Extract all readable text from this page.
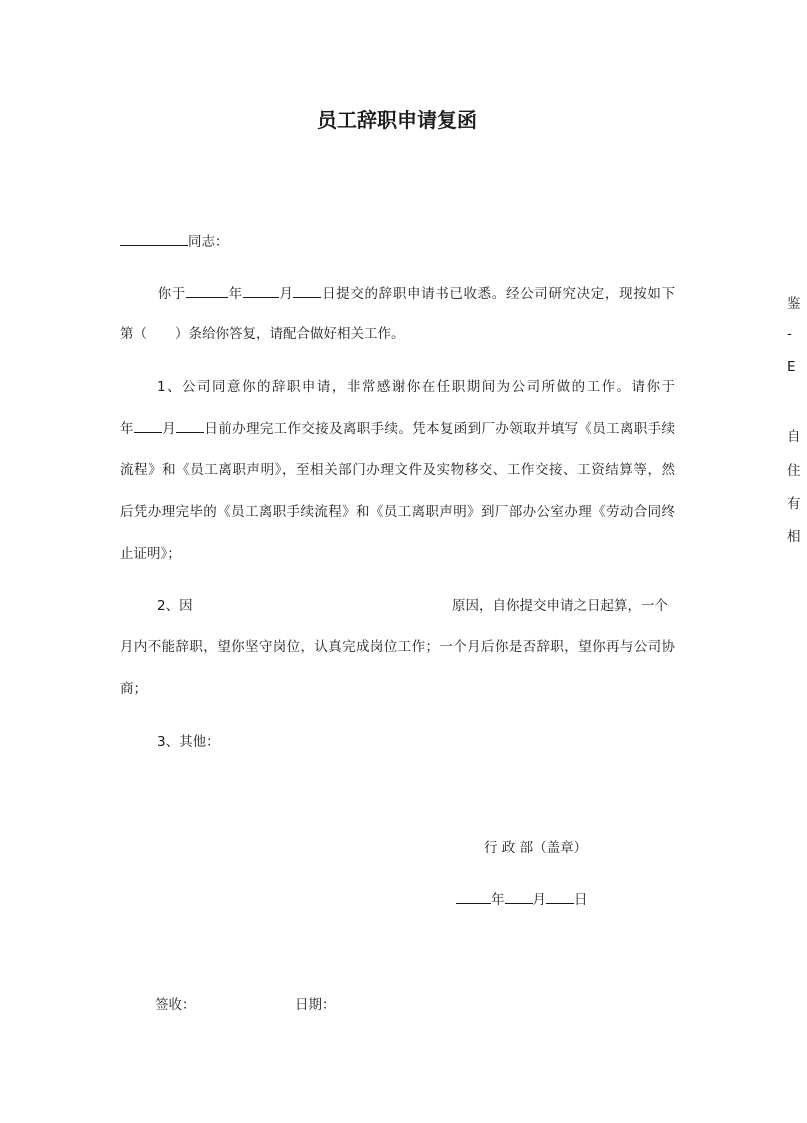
员工辞职申请复函
同志：
你于	年	月 日提交的辞职申请书已收悉。经公司研究决定，现按如下
第（ ）条给你答复，请配合做好相关工作。
1、公司同意你的辞职申请，非常感谢你在任职期间为公司所做的工作。请你于
年 月 日前办理完工作交接及离职手续。凭本复函到厂办领取并填写《员工离职手续
流程》和《员工离职声明》，至相关部门办理文件及实物移交、工作交接、工资结算等，然
后凭办理完毕的《员工离职手续流程》和《员工离职声明》到厂部办公室办理《劳动合同终
止证明》；
2、因	原因，自你提交申请之日起算，一个
月内不能辞职，望你坚守岗位，认真完成岗位工作；一个月后你是否辞职，望你再与公司协
商；
3、其他：
行 政 部（盖章）
年 月 日
签收：	日期：
鉴
-
E
自
住
有
相
